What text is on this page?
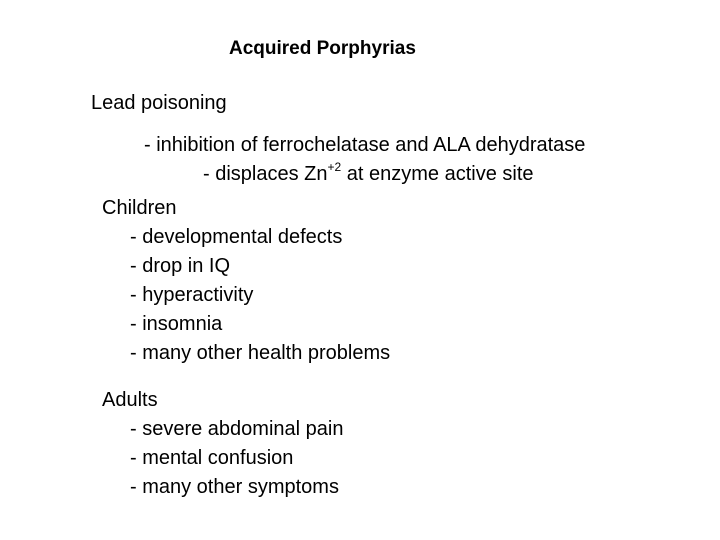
Acquired Porphyrias
Lead poisoning
- inhibition of ferrochelatase and ALA dehydratase
- displaces $Zn^{+2}$ at enzyme active site
Children
- developmental defects
- drop in IQ
- hyperactivity
- insomnia
- many other health problems
Adults
- severe abdominal pain
- mental confusion
- many other symptoms
